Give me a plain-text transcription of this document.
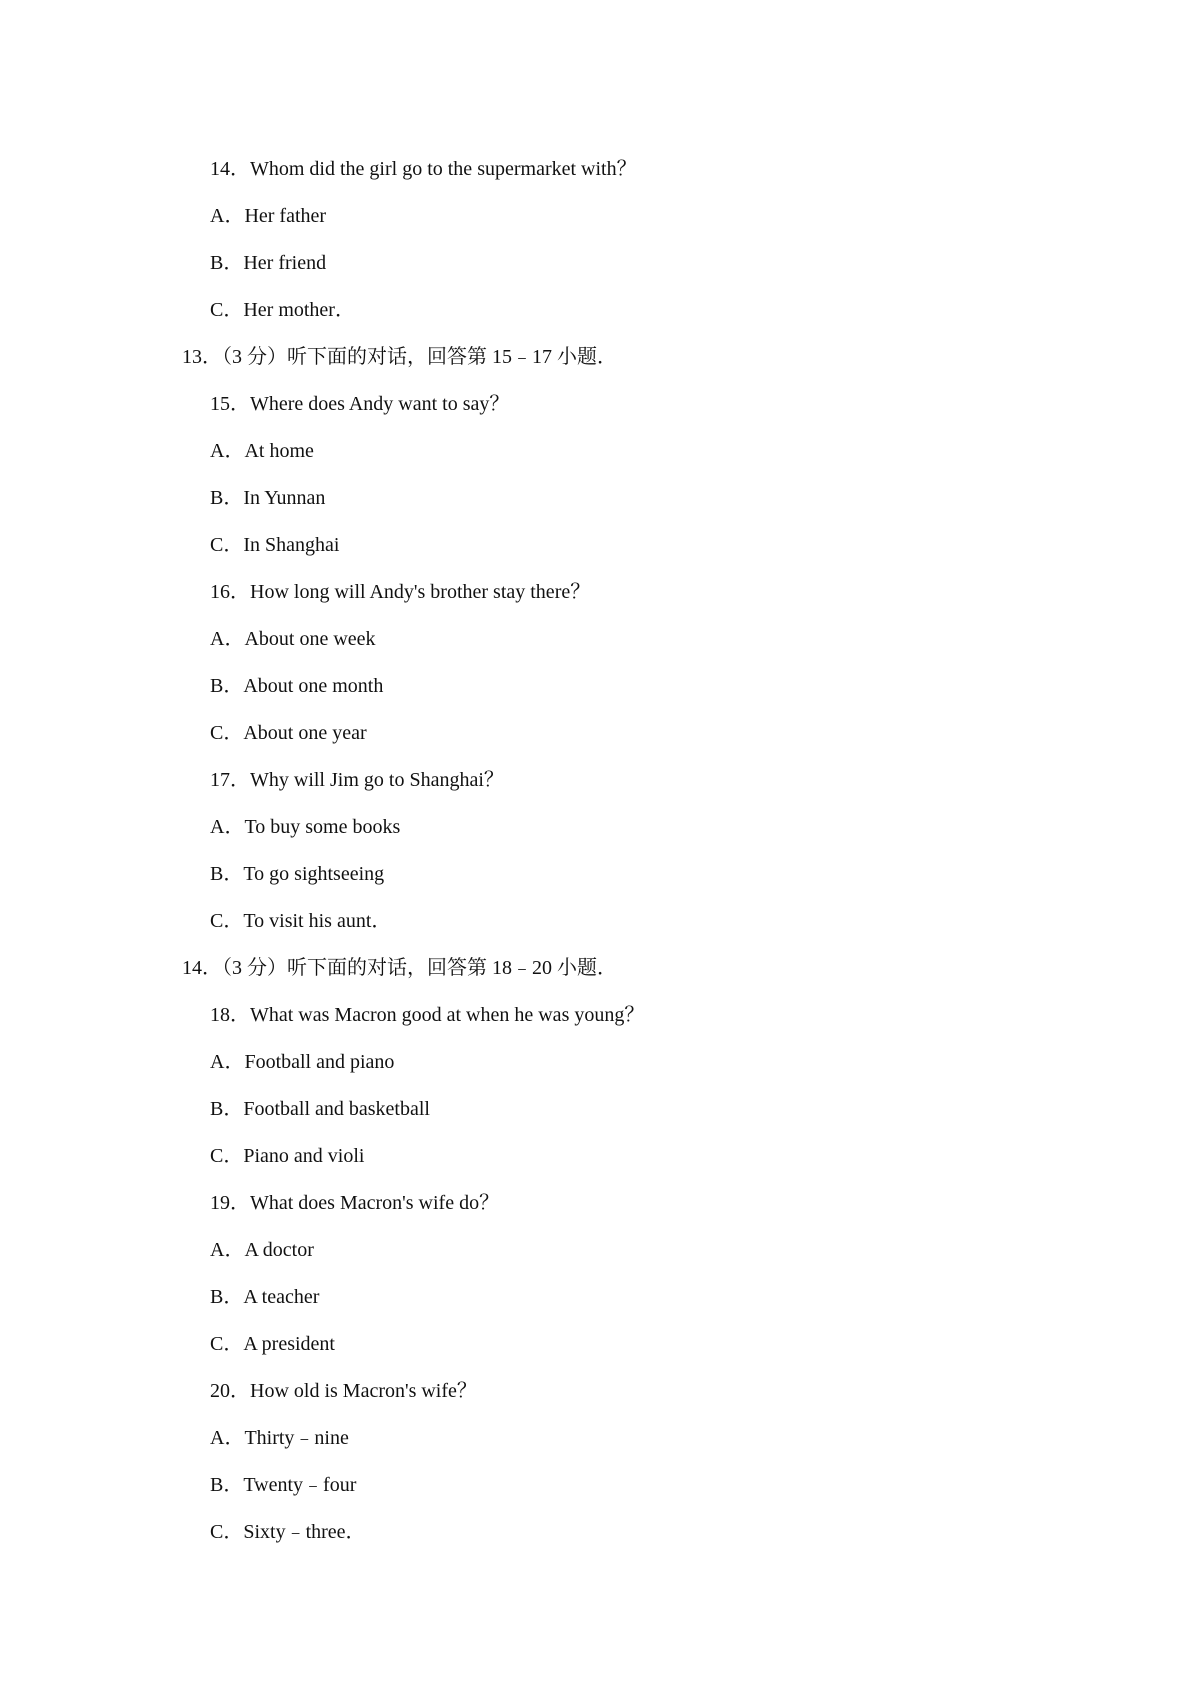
14．Whom did the girl go to the supermarket with？
A．Her father
B．Her friend
C．Her mother．
13．（3 分）听下面的对话，回答第 15﹣17 小题．
15．Where does Andy want to say？
A．At home
B．In Yunnan
C．In Shanghai
16．How long will Andy's brother stay there？
A．About one week
B．About one month
C．About one year
17．Why will Jim go to Shanghai？
A．To buy some books
B．To go sightseeing
C．To visit his aunt．
14．（3 分）听下面的对话，回答第 18﹣20 小题．
18．What was Macron good at when he was young？
A．Football and piano
B．Football and basketball
C．Piano and violi
19．What does Macron's wife do？
A．A doctor
B．A teacher
C．A president
20．How old is Macron's wife？
A．Thirty﹣nine
B．Twenty﹣four
C．Sixty﹣three．
